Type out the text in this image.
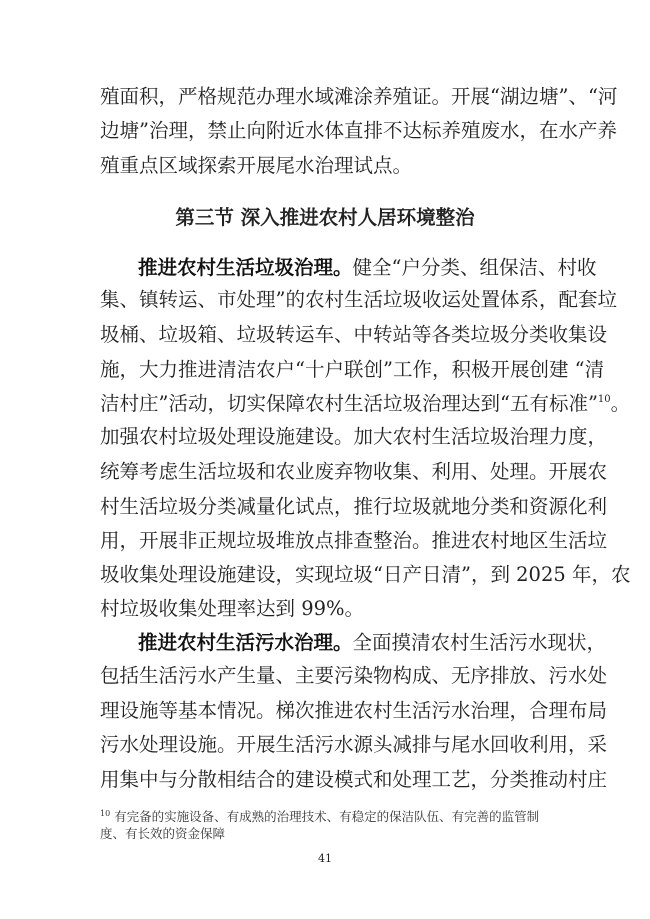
殖面积，严格规范办理水域滩涂养殖证。开展“湖边塘”、“河
边塘”治理，禁止向附近水体直排不达标养殖废水，在水产养
殖重点区域探索开展尾水治理试点。
第三节 深入推进农村人居环境整治
推进农村生活垃圾治理。健全“户分类、组保洁、村收
集、镇转运、市处理”的农村生活垃圾收运处置体系，配套垃
圾桶、垃圾箱、垃圾转运车、中转站等各类垃圾分类收集设
施，大力推进清洁农户“十户联创”工作，积极开展创建 “清
洁村庄”活动，切实保障农村生活垃圾治理达到“五有标准”$^{10}$。
加强农村垃圾处理设施建设。加大农村生活垃圾治理力度，
统筹考虑生活垃圾和农业废弃物收集、利用、处理。开展农
村生活垃圾分类减量化试点，推行垃圾就地分类和资源化利
用，开展非正规垃圾堆放点排查整治。推进农村地区生活垃
圾收集处理设施建设，实现垃圾“日产日清”，到 2025 年，农
村垃圾收集处理率达到 99%。
推进农村生活污水治理。全面摸清农村生活污水现状，
包括生活污水产生量、主要污染物构成、无序排放、污水处
理设施等基本情况。梯次推进农村生活污水治理，合理布局
污水处理设施。开展生活污水源头减排与尾水回收利用，采
用集中与分散相结合的建设模式和处理工艺，分类推动村庄
$^{10}$ 有完备的实施设备、有成熟的治理技术、有稳定的保洁队伍、有完善的监管制度、有长效的资金保障
41
